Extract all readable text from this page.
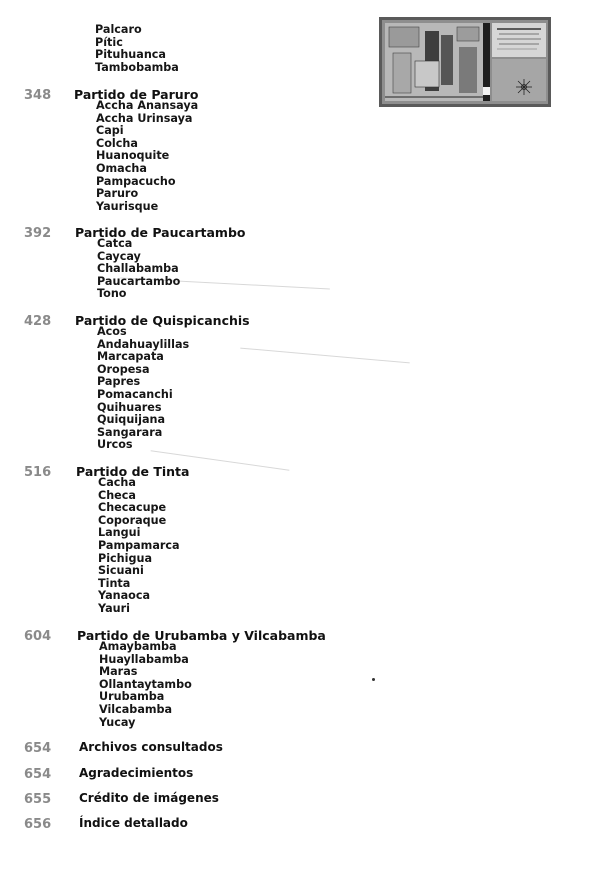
Palcaro
Pític
Pituhuanca
Tambobamba
348	Partido de Paruro
Accha Anansaya
Accha Urinsaya
Capi
Colcha
Huanoquite
Omacha
Pampacucho
Paruro
Yaurisque
392	Partido de Paucartambo
Catca
Caycay
Challabamba
Paucartambo
Tono
428	Partido de Quispicanchis
Acos
Andahuaylillas
Marcapata
Oropesa
Papres
Pomacanchi
Quihuares
Quiquijana
Sangarara
Urcos
516	Partido de Tinta
Cacha
Checa
Checacupe
Coporaque
Langui
Pampamarca
Pichigua
Sicuani
Tinta
Yanaoca
Yauri
604	Partido de Urubamba y Vilcabamba
Amaybamba
Huayllabamba
Maras
Ollantaytambo
Urubamba
Vilcabamba
Yucay
654	Archivos consultados
654	Agradecimientos
655	Crédito de imágenes
656	Índice detallado
